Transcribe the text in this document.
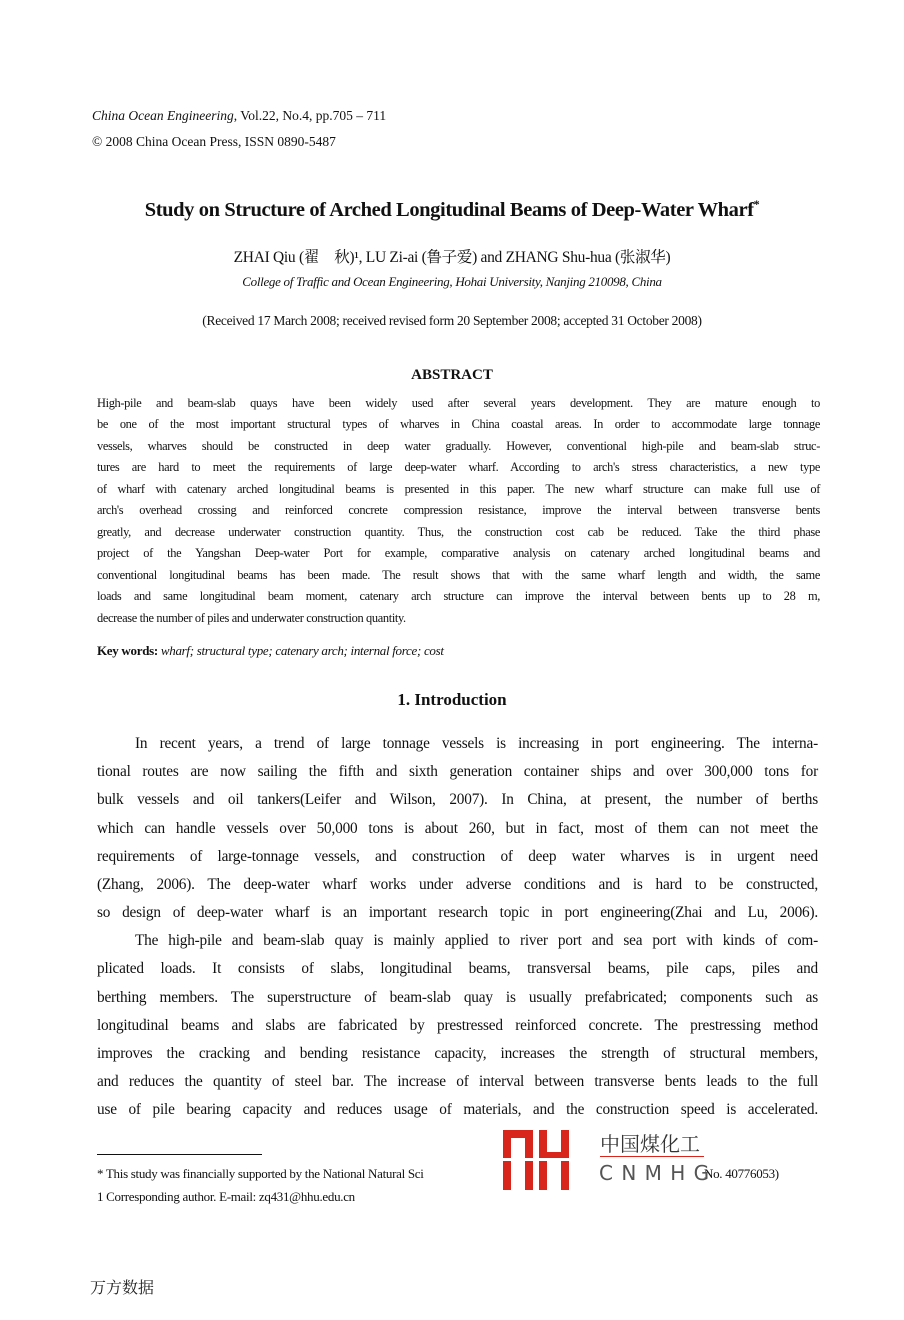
China Ocean Engineering, Vol.22, No.4, pp.705 – 711
© 2008 China Ocean Press, ISSN 0890-5487
Study on Structure of Arched Longitudinal Beams of Deep-Water Wharf*
ZHAI Qiu (翟　秋)¹, LU Zi-ai (鲁子爱) and ZHANG Shu-hua (张淑华)
College of Traffic and Ocean Engineering, Hohai University, Nanjing 210098, China
(Received 17 March 2008; received revised form 20 September 2008; accepted 31 October 2008)
ABSTRACT
High-pile and beam-slab quays have been widely used after several years development. They are mature enough to
be one of the most important structural types of wharves in China coastal areas. In order to accommodate large tonnage
vessels, wharves should be constructed in deep water gradually. However, conventional high-pile and beam-slab struc-
tures are hard to meet the requirements of large deep-water wharf. According to arch's stress characteristics, a new type
of wharf with catenary arched longitudinal beams is presented in this paper. The new wharf structure can make full use of
arch's overhead crossing and reinforced concrete compression resistance, improve the interval between transverse bents
greatly, and decrease underwater construction quantity. Thus, the construction cost cab be reduced. Take the third phase
project of the Yangshan Deep-water Port for example, comparative analysis on catenary arched longitudinal beams and
conventional longitudinal beams has been made. The result shows that with the same wharf length and width, the same
loads and same longitudinal beam moment, catenary arch structure can improve the interval between bents up to 28 m,
decrease the number of piles and underwater construction quantity.
Key words: wharf; structural type; catenary arch; internal force; cost
1. Introduction
In recent years, a trend of large tonnage vessels is increasing in port engineering. The interna-
tional routes are now sailing the fifth and sixth generation container ships and over 300,000 tons for
bulk vessels and oil tankers(Leifer and Wilson, 2007). In China, at present, the number of berths
which can handle vessels over 50,000 tons is about 260, but in fact, most of them can not meet the
requirements of large-tonnage vessels, and construction of deep water wharves is in urgent need
(Zhang, 2006). The deep-water wharf works under adverse conditions and is hard to be constructed,
so design of deep-water wharf is an important research topic in port engineering(Zhai and Lu, 2006).
The high-pile and beam-slab quay is mainly applied to river port and sea port with kinds of com-
plicated loads. It consists of slabs, longitudinal beams, transversal beams, pile caps, piles and
berthing members. The superstructure of beam-slab quay is usually prefabricated; components such as
longitudinal beams and slabs are fabricated by prestressed reinforced concrete. The prestressing method
improves the cracking and bending resistance capacity, increases the strength of structural members,
and reduces the quantity of steel bar. The increase of interval between transverse bents leads to the full
use of pile bearing capacity and reduces usage of materials, and the construction speed is accelerated.
* This study was financially supported by the National Natural Sci	No. 40776053)
1 Corresponding author. E-mail: zq431@hhu.edu.cn
中国煤化工
C N M H G
万方数据
